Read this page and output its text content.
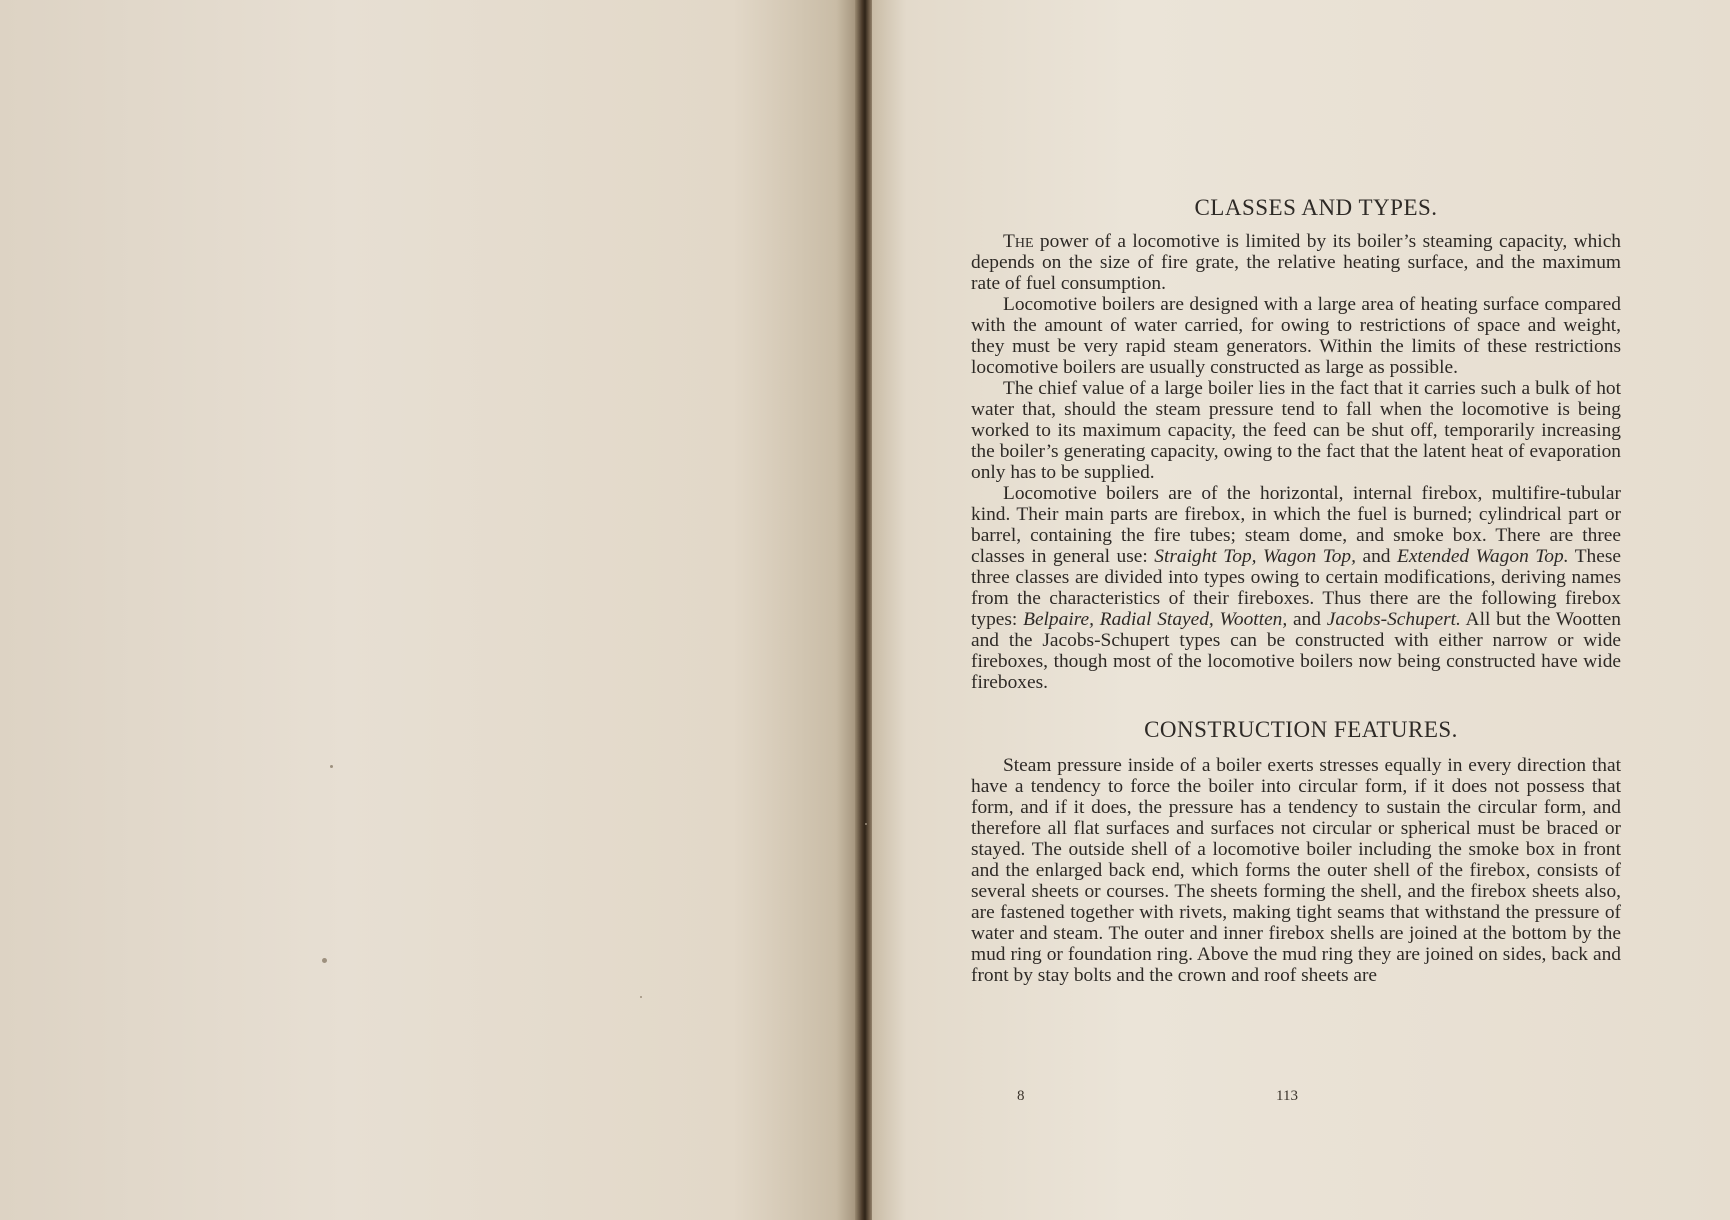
CLASSES AND TYPES.

The power of a locomotive is limited by its boiler’s steaming capacity, which depends on the size of fire grate, the relative heating surface, and the maximum rate of fuel consumption.

Locomotive boilers are designed with a large area of heating surface compared with the amount of water carried, for owing to restrictions of space and weight, they must be very rapid steam generators. Within the limits of these restrictions locomotive boilers are usually constructed as large as possible.

The chief value of a large boiler lies in the fact that it carries such a bulk of hot water that, should the steam pressure tend to fall when the locomotive is being worked to its maximum capacity, the feed can be shut off, temporarily increasing the boiler’s generating capacity, owing to the fact that the latent heat of evaporation only has to be supplied.

Locomotive boilers are of the horizontal, internal firebox, multifire-tubular kind. Their main parts are firebox, in which the fuel is burned; cylindrical part or barrel, containing the fire tubes; steam dome, and smoke box. There are three classes in general use: Straight Top, Wagon Top, and Extended Wagon Top. These three classes are divided into types owing to certain modifications, deriving names from the characteristics of their fireboxes. Thus there are the following firebox types: Belpaire, Radial Stayed, Wootten, and Jacobs-Schupert. All but the Wootten and the Jacobs-Schupert types can be constructed with either narrow or wide fireboxes, though most of the locomotive boilers now being constructed have wide fireboxes.

CONSTRUCTION FEATURES.

Steam pressure inside of a boiler exerts stresses equally in every direction that have a tendency to force the boiler into circular form, if it does not possess that form, and if it does, the pressure has a tendency to sustain the circular form, and therefore all flat surfaces and surfaces not circular or spherical must be braced or stayed. The outside shell of a locomotive boiler including the smoke box in front and the enlarged back end, which forms the outer shell of the firebox, consists of several sheets or courses. The sheets forming the shell, and the firebox sheets also, are fastened together with rivets, making tight seams that withstand the pressure of water and steam. The outer and inner firebox shells are joined at the bottom by the mud ring or foundation ring. Above the mud ring they are joined on sides, back and front by stay bolts and the crown and roof sheets are

8	113
